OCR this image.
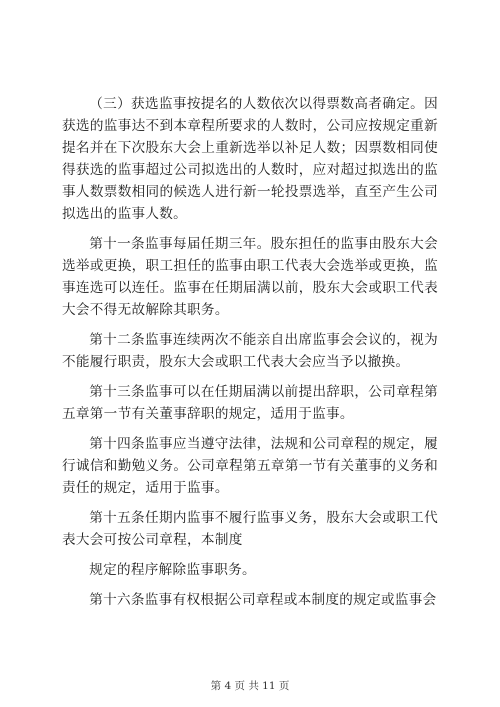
（三）获选监事按提名的人数依次以得票数高者确定。因获选的监事达不到本章程所要求的人数时，公司应按规定重新提名并在下次股东大会上重新选举以补足人数；因票数相同使得获选的监事超过公司拟选出的人数时，应对超过拟选出的监事人数票数相同的候选人进行新一轮投票选举，直至产生公司拟选出的监事人数。

第十一条监事每届任期三年。股东担任的监事由股东大会选举或更换，职工担任的监事由职工代表大会选举或更换，监事连选可以连任。监事在任期届满以前，股东大会或职工代表大会不得无故解除其职务。

第十二条监事连续两次不能亲自出席监事会会议的，视为不能履行职责，股东大会或职工代表大会应当予以撤换。

第十三条监事可以在任期届满以前提出辞职，公司章程第五章第一节有关董事辞职的规定，适用于监事。

第十四条监事应当遵守法律，法规和公司章程的规定，履行诚信和勤勉义务。公司章程第五章第一节有关董事的义务和责任的规定，适用于监事。

第十五条任期内监事不履行监事义务，股东大会或职工代表大会可按公司章程，本制度

规定的程序解除监事职务。

第十六条监事有权根据公司章程或本制度的规定或监事会

第 4 页 共 11 页
